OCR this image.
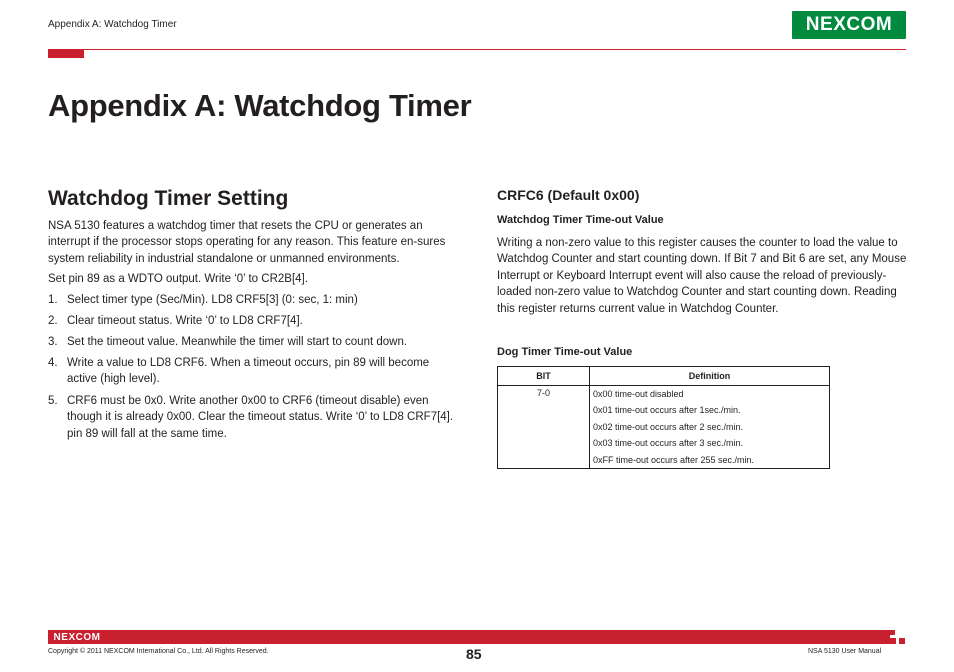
Appendix A: Watchdog Timer	NEXCOM
Appendix A: Watchdog Timer
Watchdog Timer Setting
NSA 5130 features a watchdog timer that resets the CPU or generates an interrupt if the processor stops operating for any reason. This feature en-sures system reliability in industrial standalone or unmanned environments.
Set pin 89 as a WDTO output. Write ‘0’ to CR2B[4].
1. Select timer type (Sec/Min). LD8 CRF5[3] (0: sec, 1: min)
2. Clear timeout status. Write ‘0’ to LD8 CRF7[4].
3. Set the timeout value. Meanwhile the timer will start to count down.
4. Write a value to LD8 CRF6. When a timeout occurs, pin 89 will become active (high level).
5. CRF6 must be 0x0. Write another 0x00 to CRF6 (timeout disable) even though it is already 0x00. Clear the timeout status. Write ‘0’ to LD8 CRF7[4]. pin 89 will fall at the same time.
CRFC6 (Default 0x00)
Watchdog Timer Time-out Value
Writing a non-zero value to this register causes the counter to load the value to Watchdog Counter and start counting down. If Bit 7 and Bit 6 are set, any Mouse Interrupt or Keyboard Interrupt event will also cause the reload of previously-loaded non-zero value to Watchdog Counter and start counting down. Reading this register returns current value in Watchdog Counter.
Dog Timer Time-out Value
BIT	Definition
7-0	0x00 time-out disabled
0x01 time-out occurs after 1sec./min.
0x02 time-out occurs after 2 sec./min.
0x03 time-out occurs after 3 sec./min.
0xFF time-out occurs after 255 sec./min.
NEXCOM
Copyright © 2011 NEXCOM International Co., Ltd. All Rights Reserved.	85	NSA 5130 User Manual
